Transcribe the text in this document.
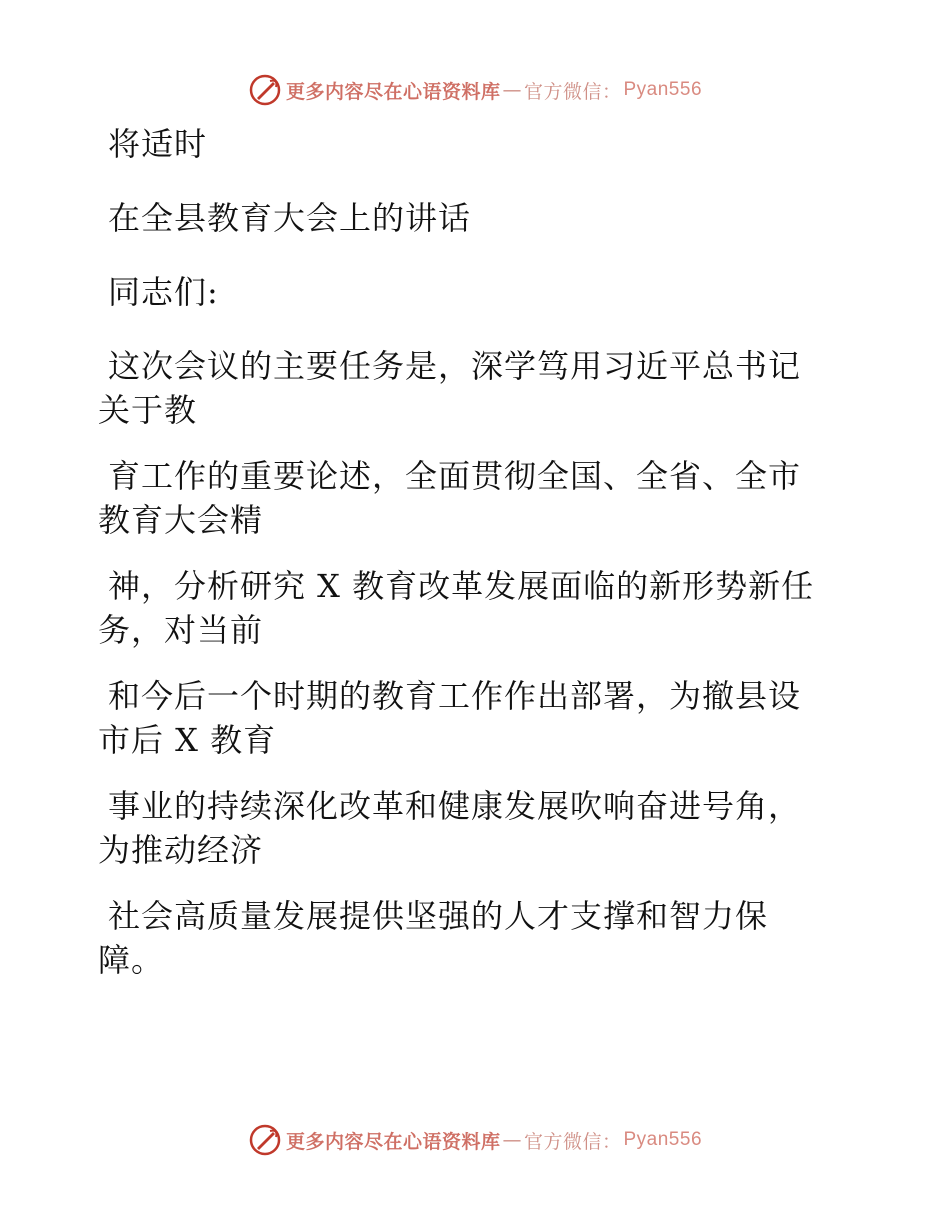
更多内容尽在心语资料库 — 官方微信： Pyan556
将适时
在全县教育大会上的讲话
同志们:
这次会议的主要任务是，深学笃用习近平总书记
关于教
育工作的重要论述，全面贯彻全国、全省、全市
教育大会精
神，分析研究 X 教育改革发展面临的新形势新任
务，对当前
和今后一个时期的教育工作作出部署，为撤县设
市后 X 教育
事业的持续深化改革和健康发展吹响奋进号角，
为推动经济
社会高质量发展提供坚强的人才支撑和智力保
障。
更多内容尽在心语资料库 — 官方微信： Pyan556
